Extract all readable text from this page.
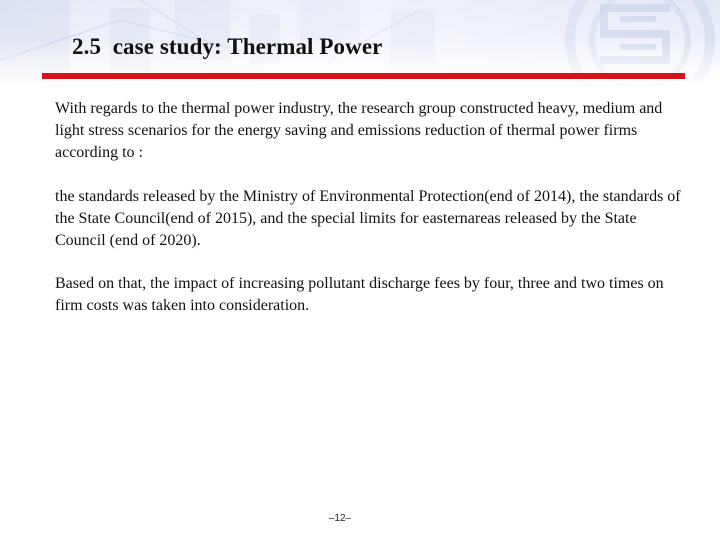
2.5  case study: Thermal Power
With regards to the thermal power industry, the research group constructed heavy, medium and light stress scenarios for the energy saving and emissions reduction of thermal power firms according to :
the standards released by the Ministry of Environmental Protection(end of 2014), the standards of the State Council(end of 2015), and the special limits for easternareas released by the State Council (end of 2020).
Based on that, the impact of increasing pollutant discharge fees by four, three and two times on firm costs was taken into consideration.
–12–
